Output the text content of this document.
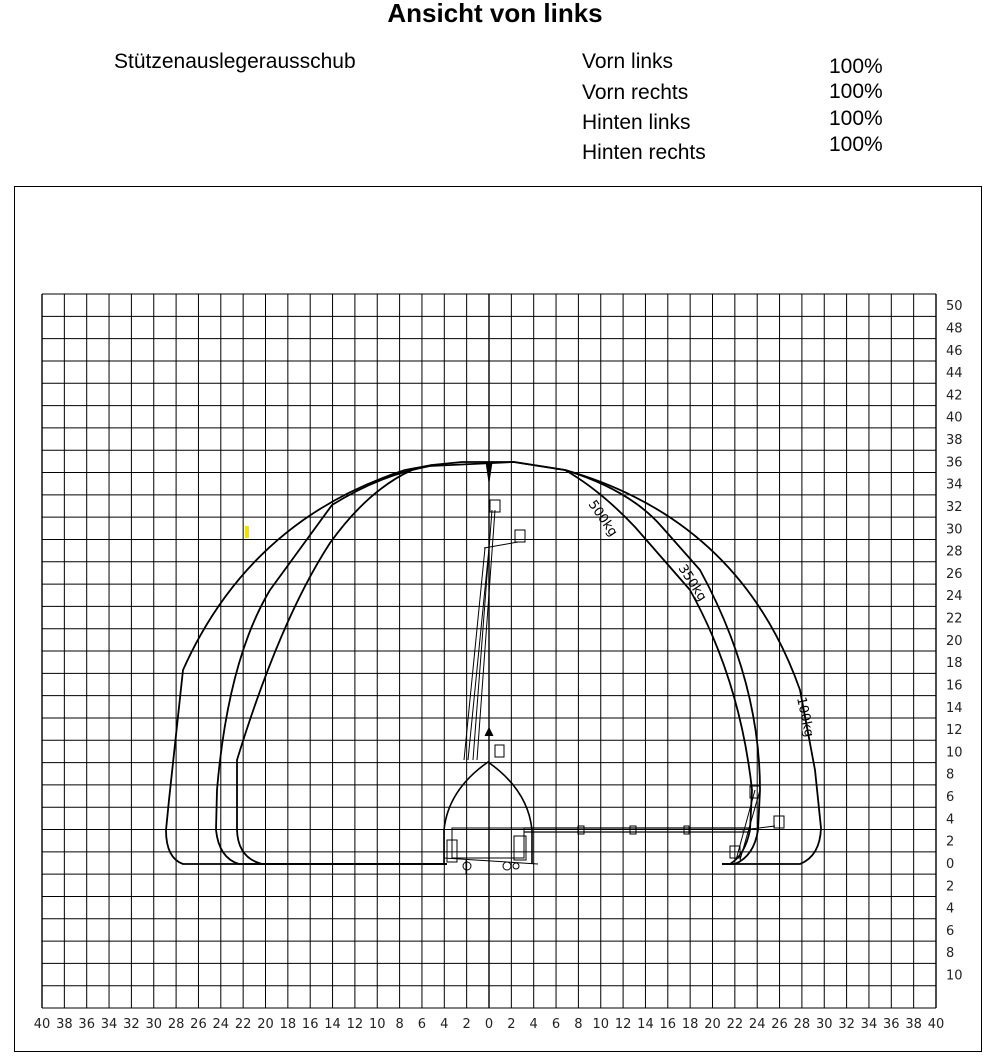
Ansicht von links
Stützenauslegerausschub	Vorn links
Vorn rechts
Hinten links
Hinten rechts
100%
100%
100%
100%
40 38 36 34 32 30 28 26 24 22 20 18 16 14 12 10 8 6 4 2 0 2 4 6 8 10 12 14 16 18 20 22 24 26 28 30 32 34 36 38 40
50
48
46
44
42
40
38
36
34
32
30
28
26
24
22
20
18
16
14
12
10
8
6
4
2
0
2
4
6
8
10
500kg
350kg
100kg
